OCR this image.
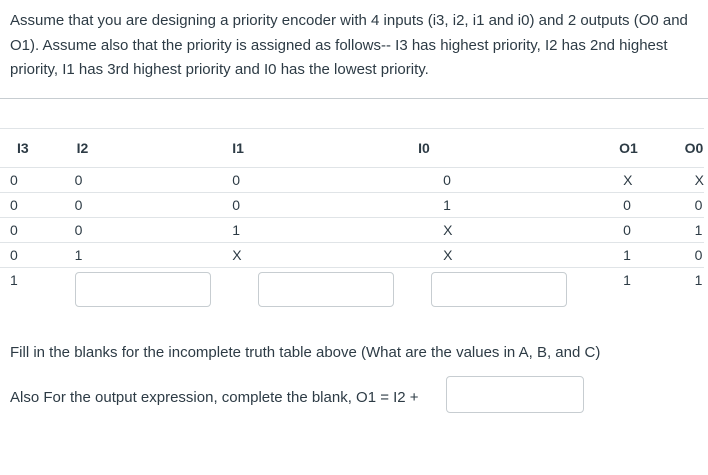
Assume that you are designing a priority encoder with 4 inputs (i3, i2, i1 and i0) and 2 outputs (O0 and O1). Assume also that the priority is assigned as follows-- I3 has highest priority, I2 has 2nd highest priority, I1 has 3rd highest priority and I0 has the lowest priority.
I3	I2	I1	I0	O1	O0
0	0	0	0	X	X
0	0	0	1	0	0
0	0	1	X	0	1
0	1	X	X	1	0
1				1	1
Fill in the blanks for the incomplete truth table above (What are the values in A, B, and C)
Also For the output expression, complete the blank, O1 = I2 +
